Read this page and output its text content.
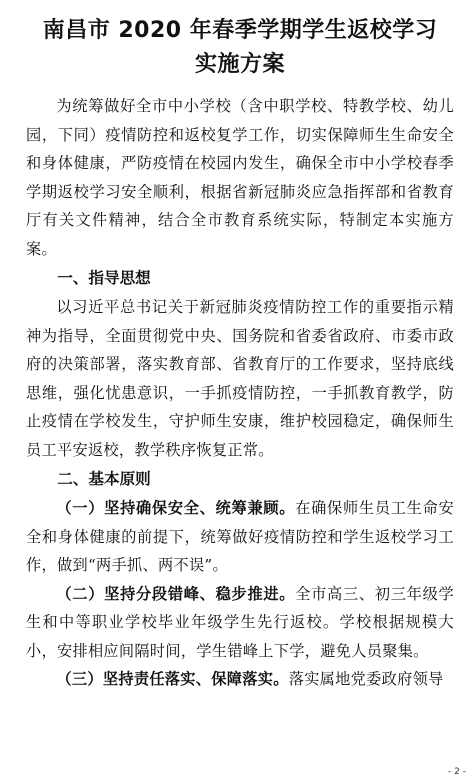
南昌市 2020 年春季学期学生返校学习
实施方案

为统筹做好全市中小学校（含中职学校、特教学校、幼儿园，下同）疫情防控和返校复学工作，切实保障师生生命安全和身体健康，严防疫情在校园内发生，确保全市中小学校春季学期返校学习安全顺利，根据省新冠肺炎应急指挥部和省教育厅有关文件精神，结合全市教育系统实际，特制定本实施方案。

一、指导思想

以习近平总书记关于新冠肺炎疫情防控工作的重要指示精神为指导，全面贯彻党中央、国务院和省委省政府、市委市政府的决策部署，落实教育部、省教育厅的工作要求，坚持底线思维，强化忧患意识，一手抓疫情防控，一手抓教育教学，防止疫情在学校发生，守护师生安康，维护校园稳定，确保师生员工平安返校，教学秩序恢复正常。

二、基本原则

（一）坚持确保安全、统筹兼顾。在确保师生员工生命安全和身体健康的前提下，统筹做好疫情防控和学生返校学习工作，做到“两手抓、两不误”。

（二）坚持分段错峰、稳步推进。全市高三、初三年级学生和中等职业学校毕业年级学生先行返校。学校根据规模大小，安排相应间隔时间，学生错峰上下学，避免人员聚集。

（三）坚持责任落实、保障落实。落实属地党委政府领导

- 2 -
